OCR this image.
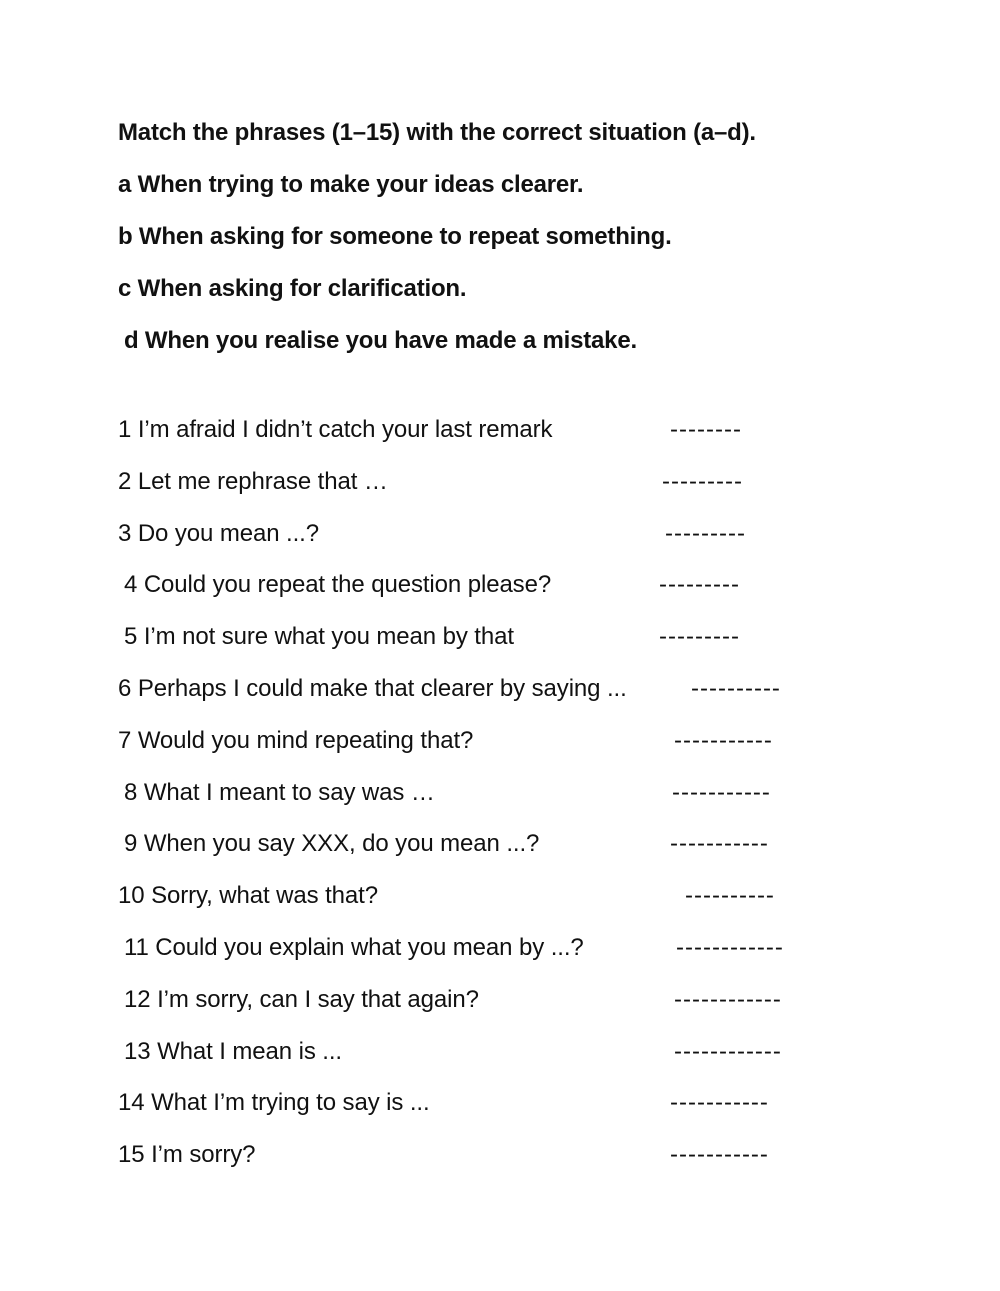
Match the phrases (1–15) with the correct situation (a–d).
a When trying to make your ideas clearer.
b When asking for someone to repeat something.
c When asking for clarification.
d When you realise you have made a mistake.
1 I’m afraid I didn’t catch your last remark	--------
2 Let me rephrase that …	---------
3 Do you mean ...?	---------
4 Could you repeat the question please?	---------
5 I’m not sure what you mean by that	---------
6 Perhaps I could make that clearer by saying ...	----------
7 Would you mind repeating that?	-----------
8 What I meant to say was …	-----------
9 When you say XXX, do you mean ...?	-----------
10 Sorry, what was that?	----------
11 Could you explain what you mean by ...?	------------
12 I’m sorry, can I say that again?	------------
13 What I mean is ...	------------
14 What I’m trying to say is ...	-----------
15 I’m sorry?	-----------
